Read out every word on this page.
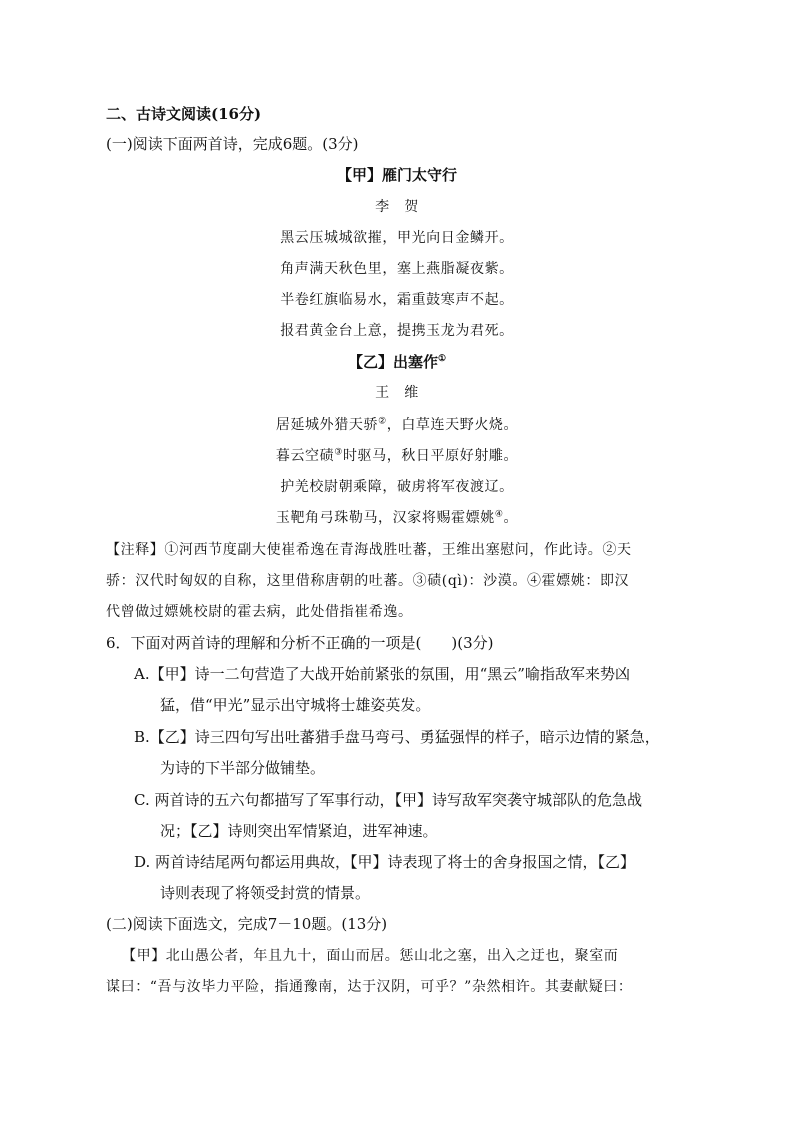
二、古诗文阅读(16分)
(一)阅读下面两首诗，完成6题。(3分)
【甲】雁门太守行
李　贺
黑云压城城欲摧，甲光向日金鳞开。
角声满天秋色里，塞上燕脂凝夜紫。
半卷红旗临易水，霜重鼓寒声不起。
报君黄金台上意，提携玉龙为君死。
【乙】出塞作①
王　维
居延城外猎天骄②，白草连天野火烧。
暮云空碛③时驱马，秋日平原好射雕。
护羌校尉朝乘障，破虏将军夜渡辽。
玉靶角弓珠勒马，汉家将赐霍嫖姚④。
【注释】①河西节度副大使崔希逸在青海战胜吐蕃，王维出塞慰问，作此诗。②天
骄：汉代时匈奴的自称，这里借称唐朝的吐蕃。③碛(qì)：沙漠。④霍嫖姚：即汉
代曾做过嫖姚校尉的霍去病，此处借指崔希逸。
6．下面对两首诗的理解和分析不正确的一项是(　　)(3分)
A.【甲】诗一二句营造了大战开始前紧张的氛围，用“黑云”喻指敌军来势凶
猛，借“甲光”显示出守城将士雄姿英发。
B.【乙】诗三四句写出吐蕃猎手盘马弯弓、勇猛强悍的样子，暗示边情的紧急，
为诗的下半部分做铺垫。
C. 两首诗的五六句都描写了军事行动，【甲】诗写敌军突袭守城部队的危急战
况；【乙】诗则突出军情紧迫，进军神速。
D. 两首诗结尾两句都运用典故，【甲】诗表现了将士的舍身报国之情，【乙】
诗则表现了将领受封赏的情景。
(二)阅读下面选文，完成7－10题。(13分)
【甲】北山愚公者，年且九十，面山而居。惩山北之塞，出入之迂也，聚室而
谋曰：“吾与汝毕力平险，指通豫南，达于汉阴，可乎？”杂然相许。其妻献疑曰：
